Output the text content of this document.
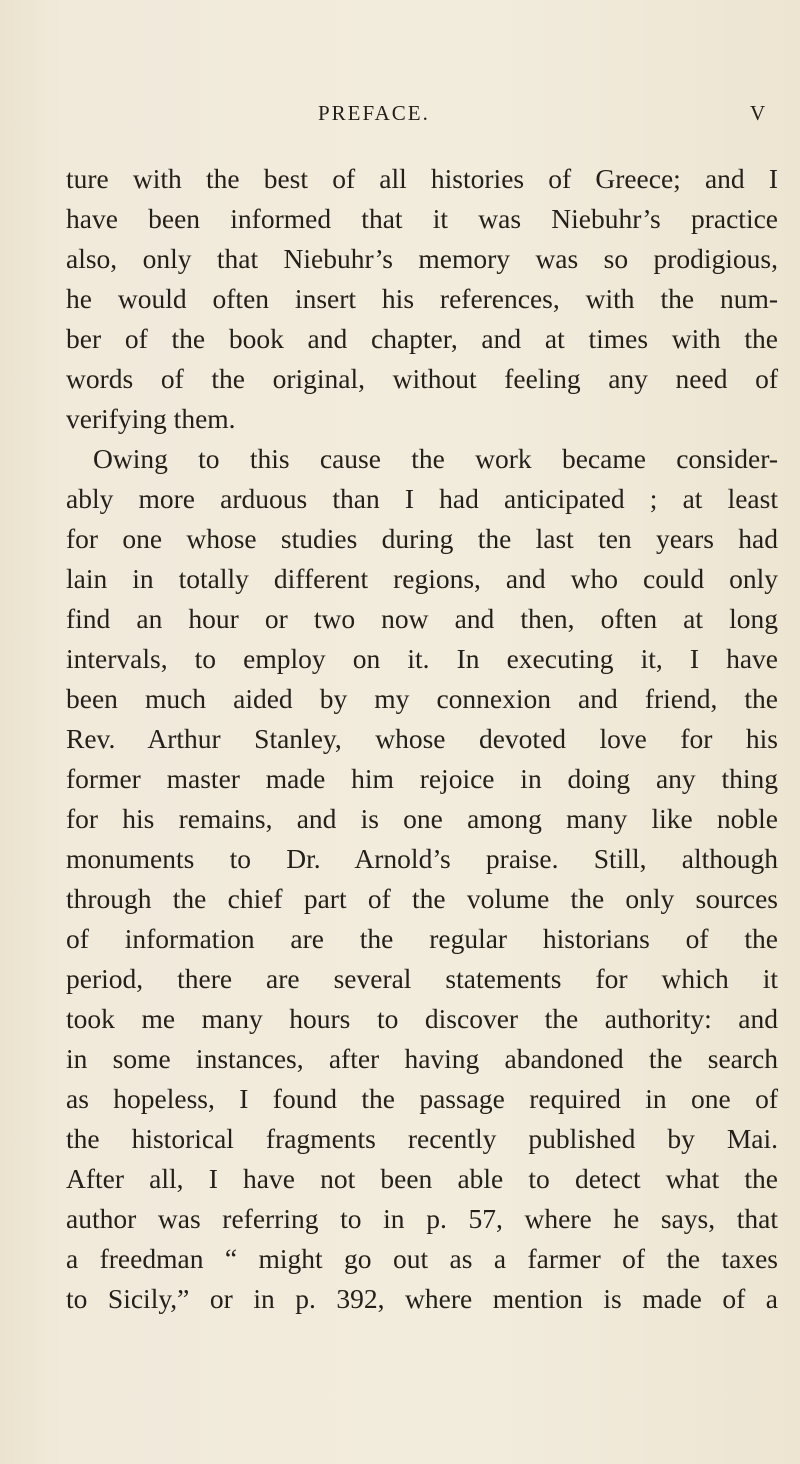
PREFACE.	V
ture with the best of all histories of Greece; and I
have been informed that it was Niebuhr’s practice
also, only that Niebuhr’s memory was so prodigious,
he would often insert his references, with the num-
ber of the book and chapter, and at times with the
words of the original, without feeling any need of
verifying them.
Owing to this cause the work became consider-
ably more arduous than I had anticipated ; at least
for one whose studies during the last ten years had
lain in totally different regions, and who could only
find an hour or two now and then, often at long
intervals, to employ on it. In executing it, I have
been much aided by my connexion and friend, the
Rev. Arthur Stanley, whose devoted love for his
former master made him rejoice in doing any thing
for his remains, and is one among many like noble
monuments to Dr. Arnold’s praise. Still, although
through the chief part of the volume the only sources
of information are the regular historians of the
period, there are several statements for which it
took me many hours to discover the authority: and
in some instances, after having abandoned the search
as hopeless, I found the passage required in one of
the historical fragments recently published by Mai.
After all, I have not been able to detect what the
author was referring to in p. 57, where he says, that
a freedman “ might go out as a farmer of the taxes
to Sicily,” or in p. 392, where mention is made of a
